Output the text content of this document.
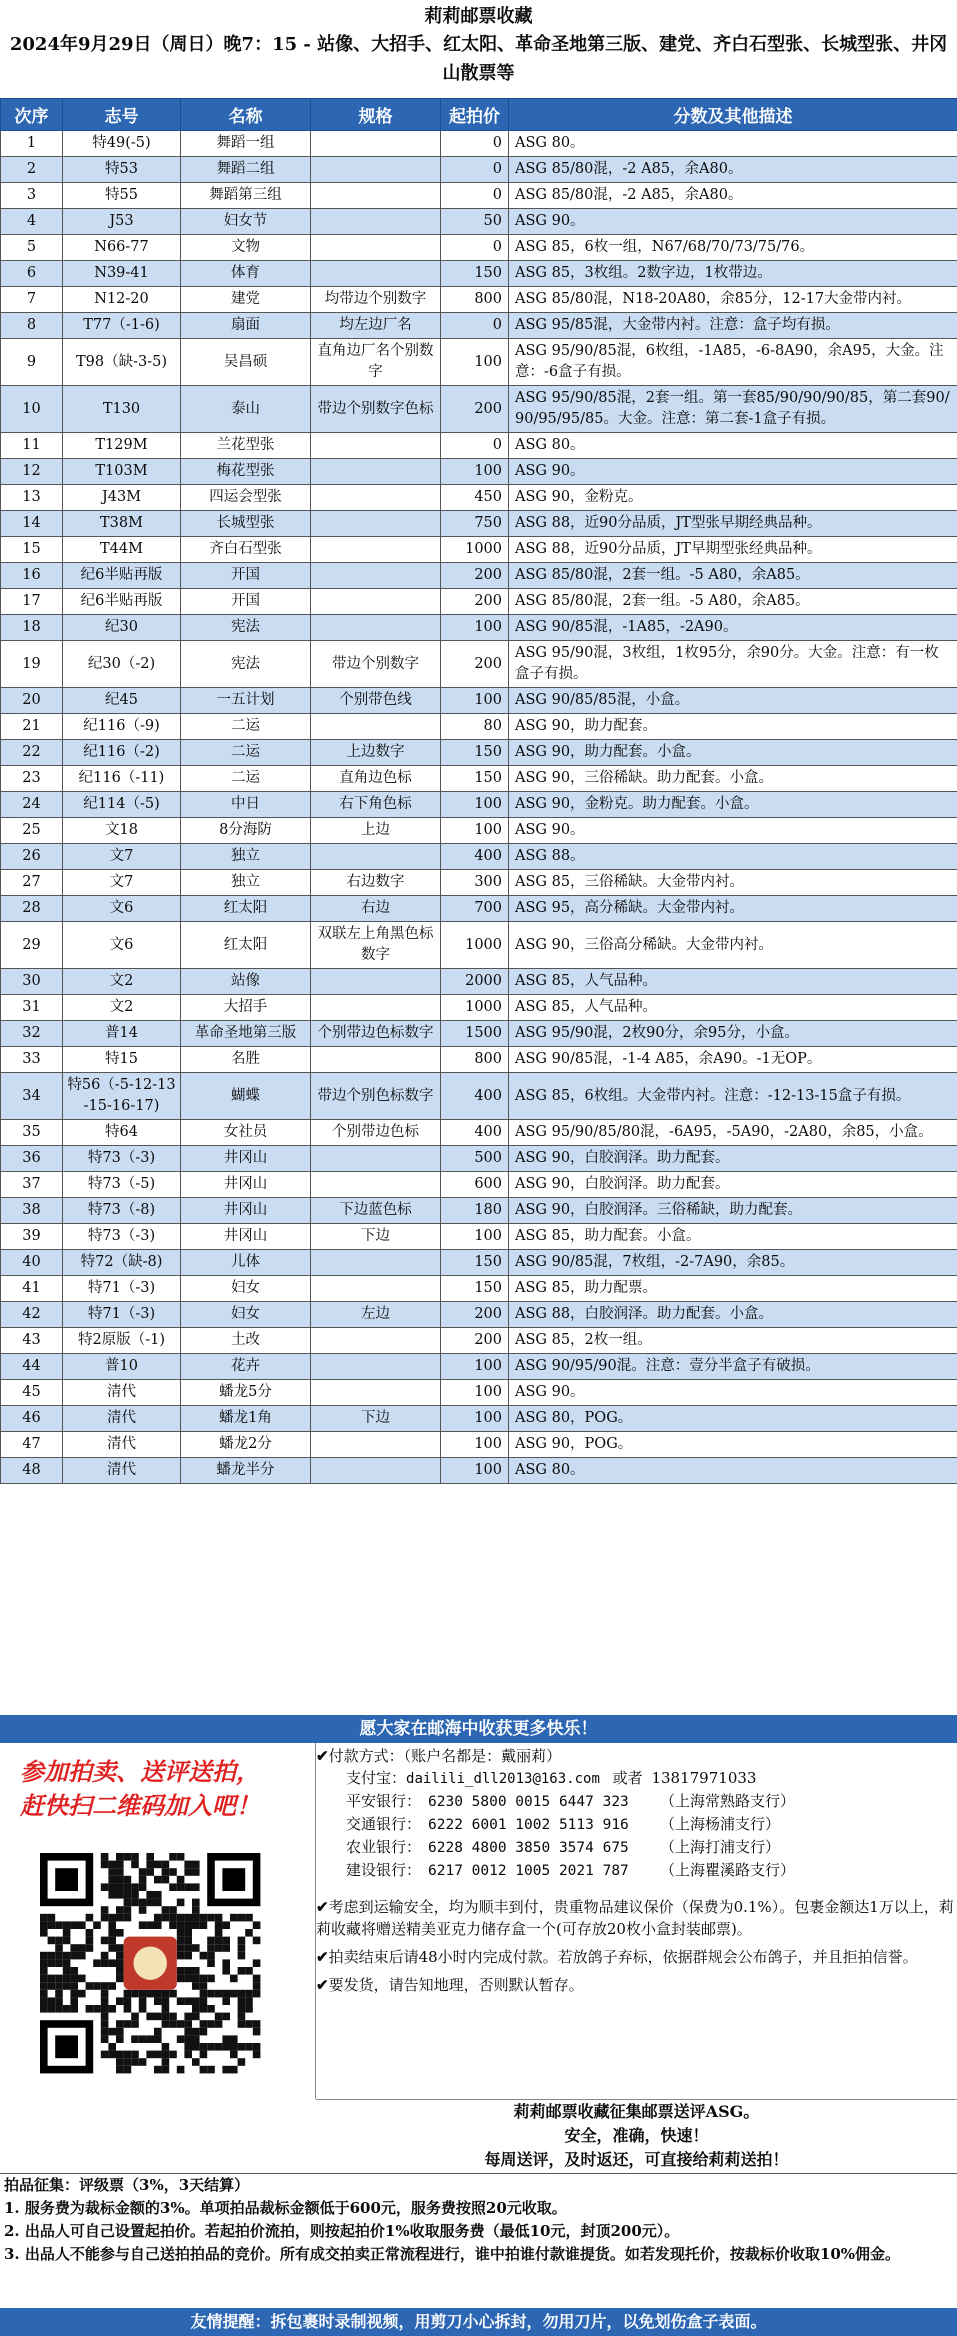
莉莉邮票收藏
2024年9月29日（周日）晚7：15 - 站像、大招手、红太阳、革命圣地第三版、建党、齐白石型张、长城型张、井冈山散票等
次序	志号	名称	规格	起拍价	分数及其他描述
1	特49(-5)	舞蹈一组		0	ASG 80。
2	特53	舞蹈二组		0	ASG 85/80混，-2 A85，余A80。
3	特55	舞蹈第三组		0	ASG 85/80混，-2 A85，余A80。
4	J53	妇女节		50	ASG 90。
5	N66-77	文物		0	ASG 85，6枚一组，N67/68/70/73/75/76。
6	N39-41	体育		150	ASG 85，3枚组。2数字边，1枚带边。
7	N12-20	建党	均带边个别数字	800	ASG 85/80混，N18-20A80，余85分，12-17大金带内衬。
8	T77（-1-6)	扇面	均左边厂名	0	ASG 95/85混，大金带内衬。注意：盒子均有损。
9	T98（缺-3-5)	吴昌硕	直角边厂名个别数字	100	ASG 95/90/85混，6枚组，-1A85，-6-8A90，余A95，大金。注意：-6盒子有损。
10	T130	泰山	带边个别数字色标	200	ASG 95/90/85混，2套一组。第一套85/90/90/90/85，第二套90/90/95/95/85。大金。注意：第二套-1盒子有损。
11	T129M	兰花型张		0	ASG 80。
12	T103M	梅花型张		100	ASG 90。
13	J43M	四运会型张		450	ASG 90，金粉克。
14	T38M	长城型张		750	ASG 88，近90分品质，JT型张早期经典品种。
15	T44M	齐白石型张		1000	ASG 88，近90分品质，JT早期型张经典品种。
16	纪6半贴再版	开国		200	ASG 85/80混，2套一组。-5 A80，余A85。
17	纪6半贴再版	开国		200	ASG 85/80混，2套一组。-5 A80，余A85。
18	纪30	宪法		100	ASG 90/85混，-1A85，-2A90。
19	纪30（-2)	宪法	带边个别数字	200	ASG 95/90混，3枚组，1枚95分，余90分。大金。注意：有一枚盒子有损。
20	纪45	一五计划	个别带色线	100	ASG 90/85/85混，小盒。
21	纪116（-9)	二运		80	ASG 90，助力配套。
22	纪116（-2)	二运	上边数字	150	ASG 90，助力配套。小盒。
23	纪116（-11)	二运	直角边色标	150	ASG 90，三俗稀缺。助力配套。小盒。
24	纪114（-5)	中日	右下角色标	100	ASG 90，金粉克。助力配套。小盒。
25	文18	8分海防	上边	100	ASG 90。
26	文7	独立		400	ASG 88。
27	文7	独立	右边数字	300	ASG 85，三俗稀缺。大金带内衬。
28	文6	红太阳	右边	700	ASG 95，高分稀缺。大金带内衬。
29	文6	红太阳	双联左上角黑色标数字	1000	ASG 90，三俗高分稀缺。大金带内衬。
30	文2	站像		2000	ASG 85，人气品种。
31	文2	大招手		1000	ASG 85，人气品种。
32	普14	革命圣地第三版	个别带边色标数字	1500	ASG 95/90混，2枚90分，余95分，小盒。
33	特15	名胜		800	ASG 90/85混，-1-4 A85，余A90。-1无OP。
34	特56（-5-12-13-15-16-17)	蝴蝶	带边个别色标数字	400	ASG 85，6枚组。大金带内衬。注意：-12-13-15盒子有损。
35	特64	女社员	个别带边色标	400	ASG 95/90/85/80混，-6A95，-5A90，-2A80，余85，小盒。
36	特73（-3)	井冈山		500	ASG 90，白胶润泽。助力配套。
37	特73（-5)	井冈山		600	ASG 90，白胶润泽。助力配套。
38	特73（-8)	井冈山	下边蓝色标	180	ASG 90，白胶润泽。三俗稀缺，助力配套。
39	特73（-3)	井冈山	下边	100	ASG 85，助力配套。小盒。
40	特72（缺-8)	儿体		150	ASG 90/85混，7枚组，-2-7A90，余85。
41	特71（-3)	妇女		150	ASG 85，助力配票。
42	特71（-3)	妇女	左边	200	ASG 88，白胶润泽。助力配套。小盒。
43	特2原版（-1)	土改		200	ASG 85，2枚一组。
44	普10	花卉		100	ASG 90/95/90混。注意：壹分半盒子有破损。
45	清代	蟠龙5分		100	ASG 90。
46	清代	蟠龙1角	下边	100	ASG 80，POG。
47	清代	蟠龙2分		100	ASG 90，POG。
48	清代	蟠龙半分		100	ASG 80。
愿大家在邮海中收获更多快乐！
参加拍卖、送评送拍，
赶快扫二维码加入吧！
✔付款方式：（账户名都是：戴丽莉）
支付宝：dailili_dll2013@163.com 或者 13817971033
平安银行： 6230 5800 0015 6447 323 （上海常熟路支行）
交通银行： 6222 6001 1002 5113 916 （上海杨浦支行）
农业银行： 6228 4800 3850 3574 675 （上海打浦支行）
建设银行： 6217 0012 1005 2021 787 （上海瞿溪路支行）
✔考虑到运输安全，均为顺丰到付，贵重物品建议保价（保费为0.1%）。包裹金额达1万以上，莉莉收藏将赠送精美亚克力储存盒一个(可存放20枚小盒封装邮票)。
✔拍卖结束后请48小时内完成付款。若放鸽子弃标，依据群规会公布鸽子，并且拒拍信誉。
✔要发货，请告知地理，否则默认暂存。
莉莉邮票收藏征集邮票送评ASG。
安全，准确，快速！
每周送评，及时返还，可直接给莉莉送拍！
拍品征集：评级票（3%，3天结算）
1. 服务费为裁标金额的3%。单项拍品裁标金额低于600元，服务费按照20元收取。
2. 出品人可自己设置起拍价。若起拍价流拍，则按起拍价1%收取服务费（最低10元，封顶200元）。
3. 出品人不能参与自己送拍拍品的竞价。所有成交拍卖正常流程进行，谁中拍谁付款谁提货。如若发现托价，按裁标价收取10%佣金。
友情提醒：拆包裹时录制视频，用剪刀小心拆封，勿用刀片，以免划伤盒子表面。
